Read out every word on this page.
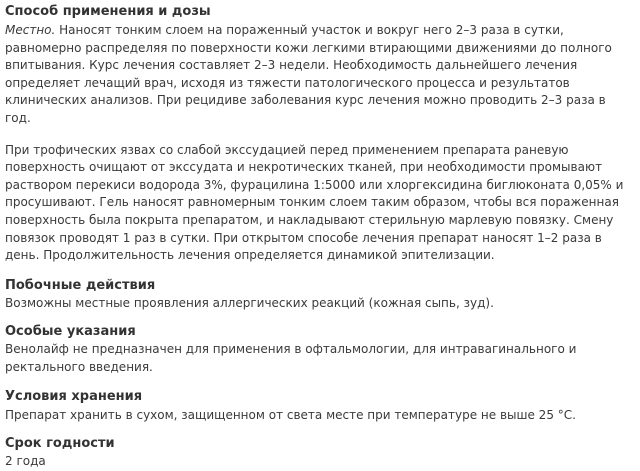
Способ применения и дозы

Местно. Нанoсят тонким слоем на пораженный участок и вокруг него 2–3 раза в сутки, равномерно распределяя по поверхности кожи легкими втирающими движениями до полного впитывания. Курс лечения составляет 2–3 недели. Необходимость дальнейшего лечения определяет лечащий врач, исходя из тяжести патологического процесса и результатов клинических анализов. При рецидиве заболевания курс лечения можно проводить 2–3 раза в год.

При трофических язвах со слабой экссудацией перед применением препарата раневую поверхность очищают от экссудата и некротических тканей, при необходимости промывают раствором перекиси водорода 3%, фурацилина 1:5000 или хлоргексидина биглюконата 0,05% и просушивают. Гель наносят равномерным тонким слоем таким образом, чтобы вся пораженная поверхность была покрыта препаратом, и накладывают стерильную марлевую повязку. Смену повязок проводят 1 раз в сутки. При открытом способе лечения препарат наносят 1–2 раза в день. Продолжительность лечения определяется динамикой эпителизации.

Побочные действия

Возможны местные проявления аллергических реакций (кожная сыпь, зуд).

Особые указания

Венолайф не предназначен для применения в офтальмологии, для интравагинального и ректального введения.

Условия хранения

Препарат хранить в сухом, защищенном от света месте при температуре не выше 25 °С.

Срок годности

2 года
